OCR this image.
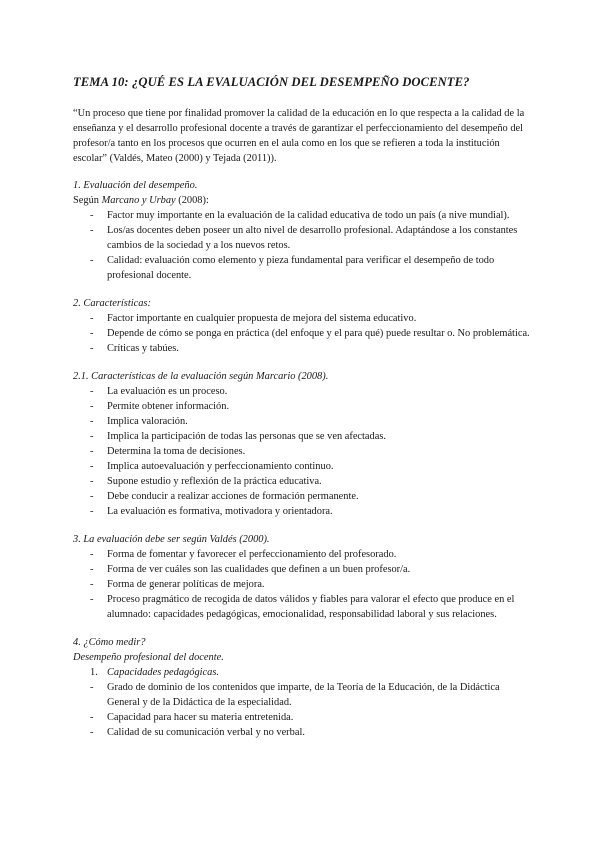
TEMA 10: ¿QUÉ ES LA EVALUACIÓN DEL DESEMPEÑO DOCENTE?

“Un proceso que tiene por finalidad promover la calidad de la educación en lo que respecta a la calidad de la enseñanza y el desarrollo profesional docente a través de garantizar el perfeccionamiento del desempeño del profesor/a tanto en los procesos que ocurren en el aula como en los que se refieren a toda la institución escolar” (Valdés, Mateo (2000) y Tejada (2011)).

1. Evaluación del desempeño.

Según Marcano y Urbay (2008):

- Factor muy importante en la evaluación de la calidad educativa de todo un país (a nive mundial).
- Los/as docentes deben poseer un alto nivel de desarrollo profesional. Adaptándose a los constantes cambios de la sociedad y a los nuevos retos.
- Calidad: evaluación como elemento y pieza fundamental para verificar el desempeño de todo profesional docente.

2. Características:

- Factor importante en cualquier propuesta de mejora del sistema educativo.
- Depende de cómo se ponga en práctica (del enfoque y el para qué) puede resultar o. No problemática.
- Críticas y tabúes.

2.1. Características de la evaluación según Marcario (2008).

- La evaluación es un proceso.
- Permite obtener información.
- Implica valoración.
- Implica la participación de todas las personas que se ven afectadas.
- Determina la toma de decisiones.
- Implica autoevaluación y perfeccionamiento continuo.
- Supone estudio y reflexión de la práctica educativa.
- Debe conducir a realizar acciones de formación permanente.
- La evaluación es formativa, motivadora y orientadora.

3. La evaluación debe ser según Valdés (2000).

- Forma de fomentar y favorecer el perfeccionamiento del profesorado.
- Forma de ver cuáles son las cualidades que definen a un buen profesor/a.
- Forma de generar políticas de mejora.
- Proceso pragmático de recogida de datos válidos y fiables para valorar el efecto que produce en el alumnado: capacidades pedagógicas, emocionalidad, responsabilidad laboral y sus relaciones.

4. ¿Cómo medir?

Desempeño profesional del docente.

1. Capacidades pedagógicas.
- Grado de dominio de los contenidos que imparte, de la Teoría de la Educación, de la Didáctica General y de la Didáctica de la especialidad.
- Capacidad para hacer su materia entretenida.
- Calidad de su comunicación verbal y no verbal.
